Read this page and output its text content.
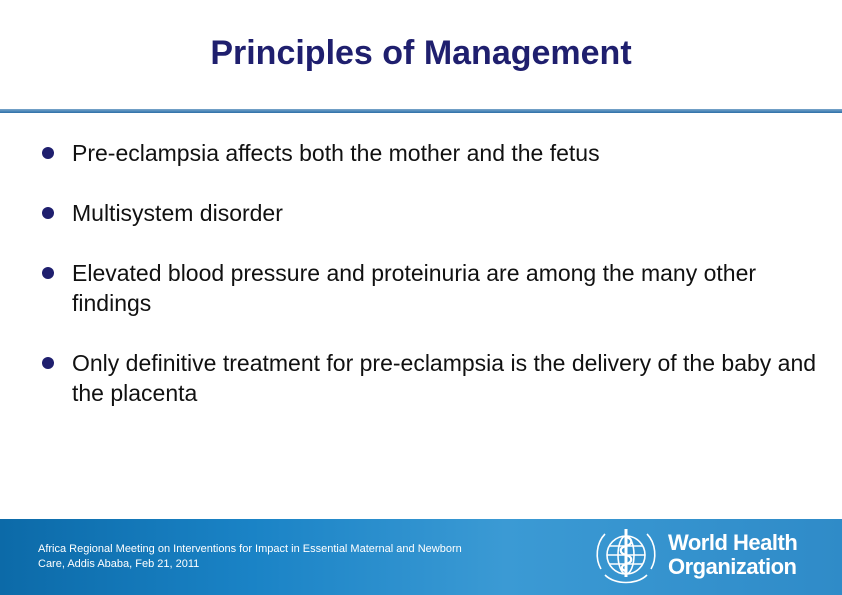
Principles of Management
Pre-eclampsia affects both the mother and the fetus
Multisystem disorder
Elevated blood pressure and proteinuria are among the many other findings
Only definitive treatment for pre-eclampsia is the delivery of the baby and the placenta
Africa Regional Meeting on Interventions for Impact in Essential Maternal and Newborn
Care, Addis Ababa, Feb 21, 2011
World Health
Organization
